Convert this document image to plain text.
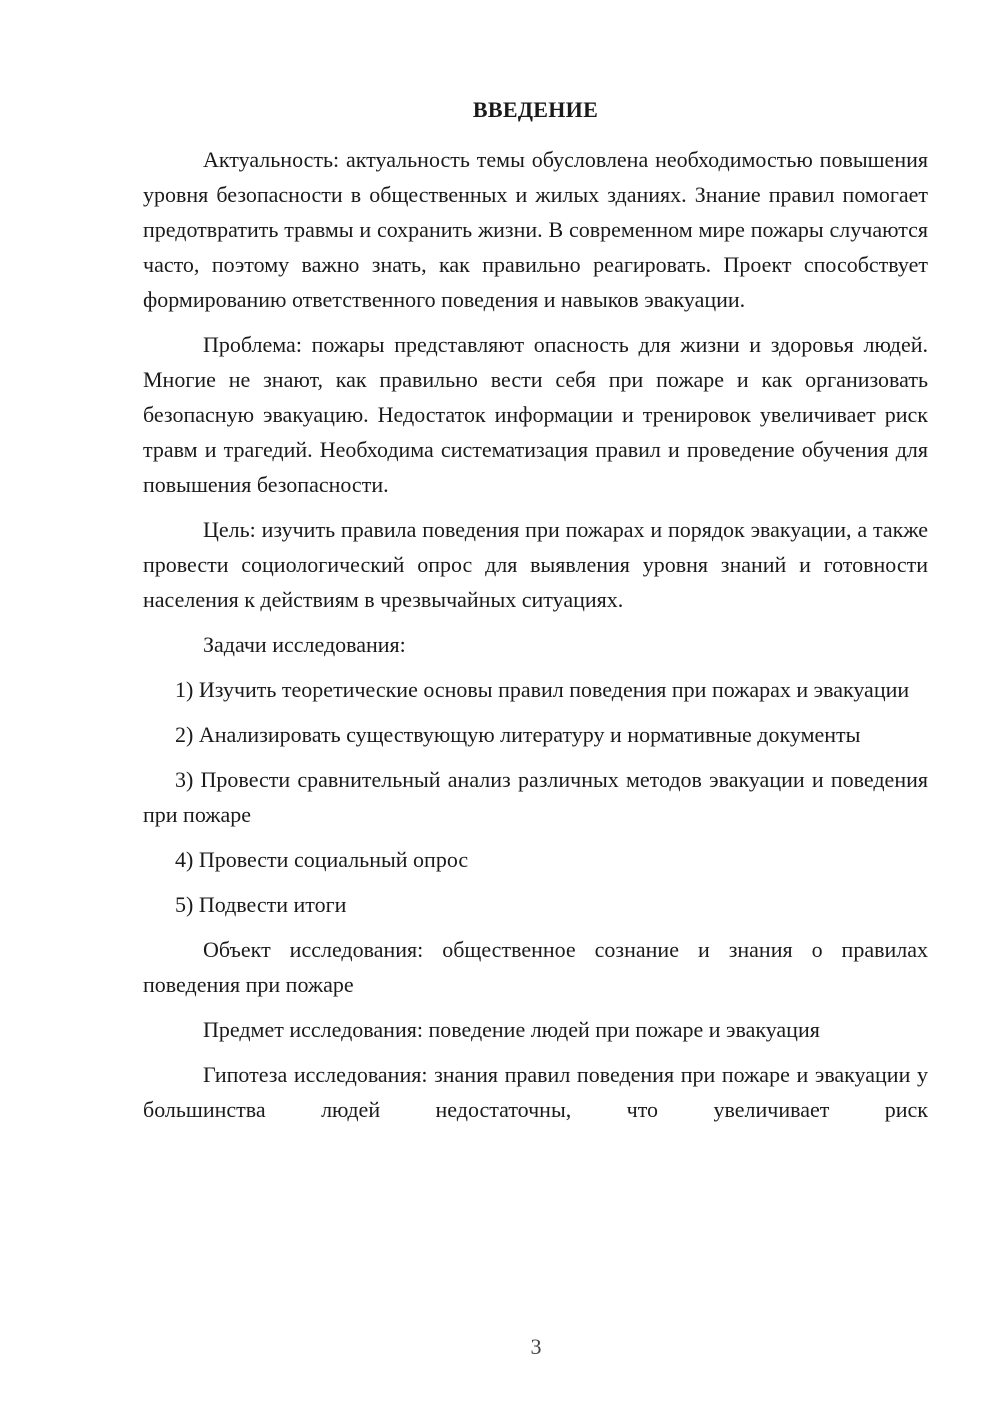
ВВЕДЕНИЕ

Актуальность: актуальность темы обусловлена необходимостью повышения уровня безопасности в общественных и жилых зданиях. Знание правил помогает предотвратить травмы и сохранить жизни. В современном мире пожары случаются часто, поэтому важно знать, как правильно реагировать. Проект способствует формированию ответственного поведения и навыков эвакуации.

Проблема: пожары представляют опасность для жизни и здоровья людей. Многие не знают, как правильно вести себя при пожаре и как организовать безопасную эвакуацию. Недостаток информации и тренировок увеличивает риск травм и трагедий. Необходима систематизация правил и проведение обучения для повышения безопасности.

Цель: изучить правила поведения при пожарах и порядок эвакуации, а также провести социологический опрос для выявления уровня знаний и готовности населения к действиям в чрезвычайных ситуациях.

Задачи исследования:

1) Изучить теоретические основы правил поведения при пожарах и эвакуации

2) Анализировать существующую литературу и нормативные документы

3) Провести сравнительный анализ различных методов эвакуации и поведения при пожаре

4) Провести социальный опрос

5) Подвести итоги

Объект исследования: общественное сознание и знания о правилах поведения при пожаре

Предмет исследования: поведение людей при пожаре и эвакуация

Гипотеза исследования: знания правил поведения при пожаре и эвакуации у большинства людей недостаточны, что увеличивает риск

3
